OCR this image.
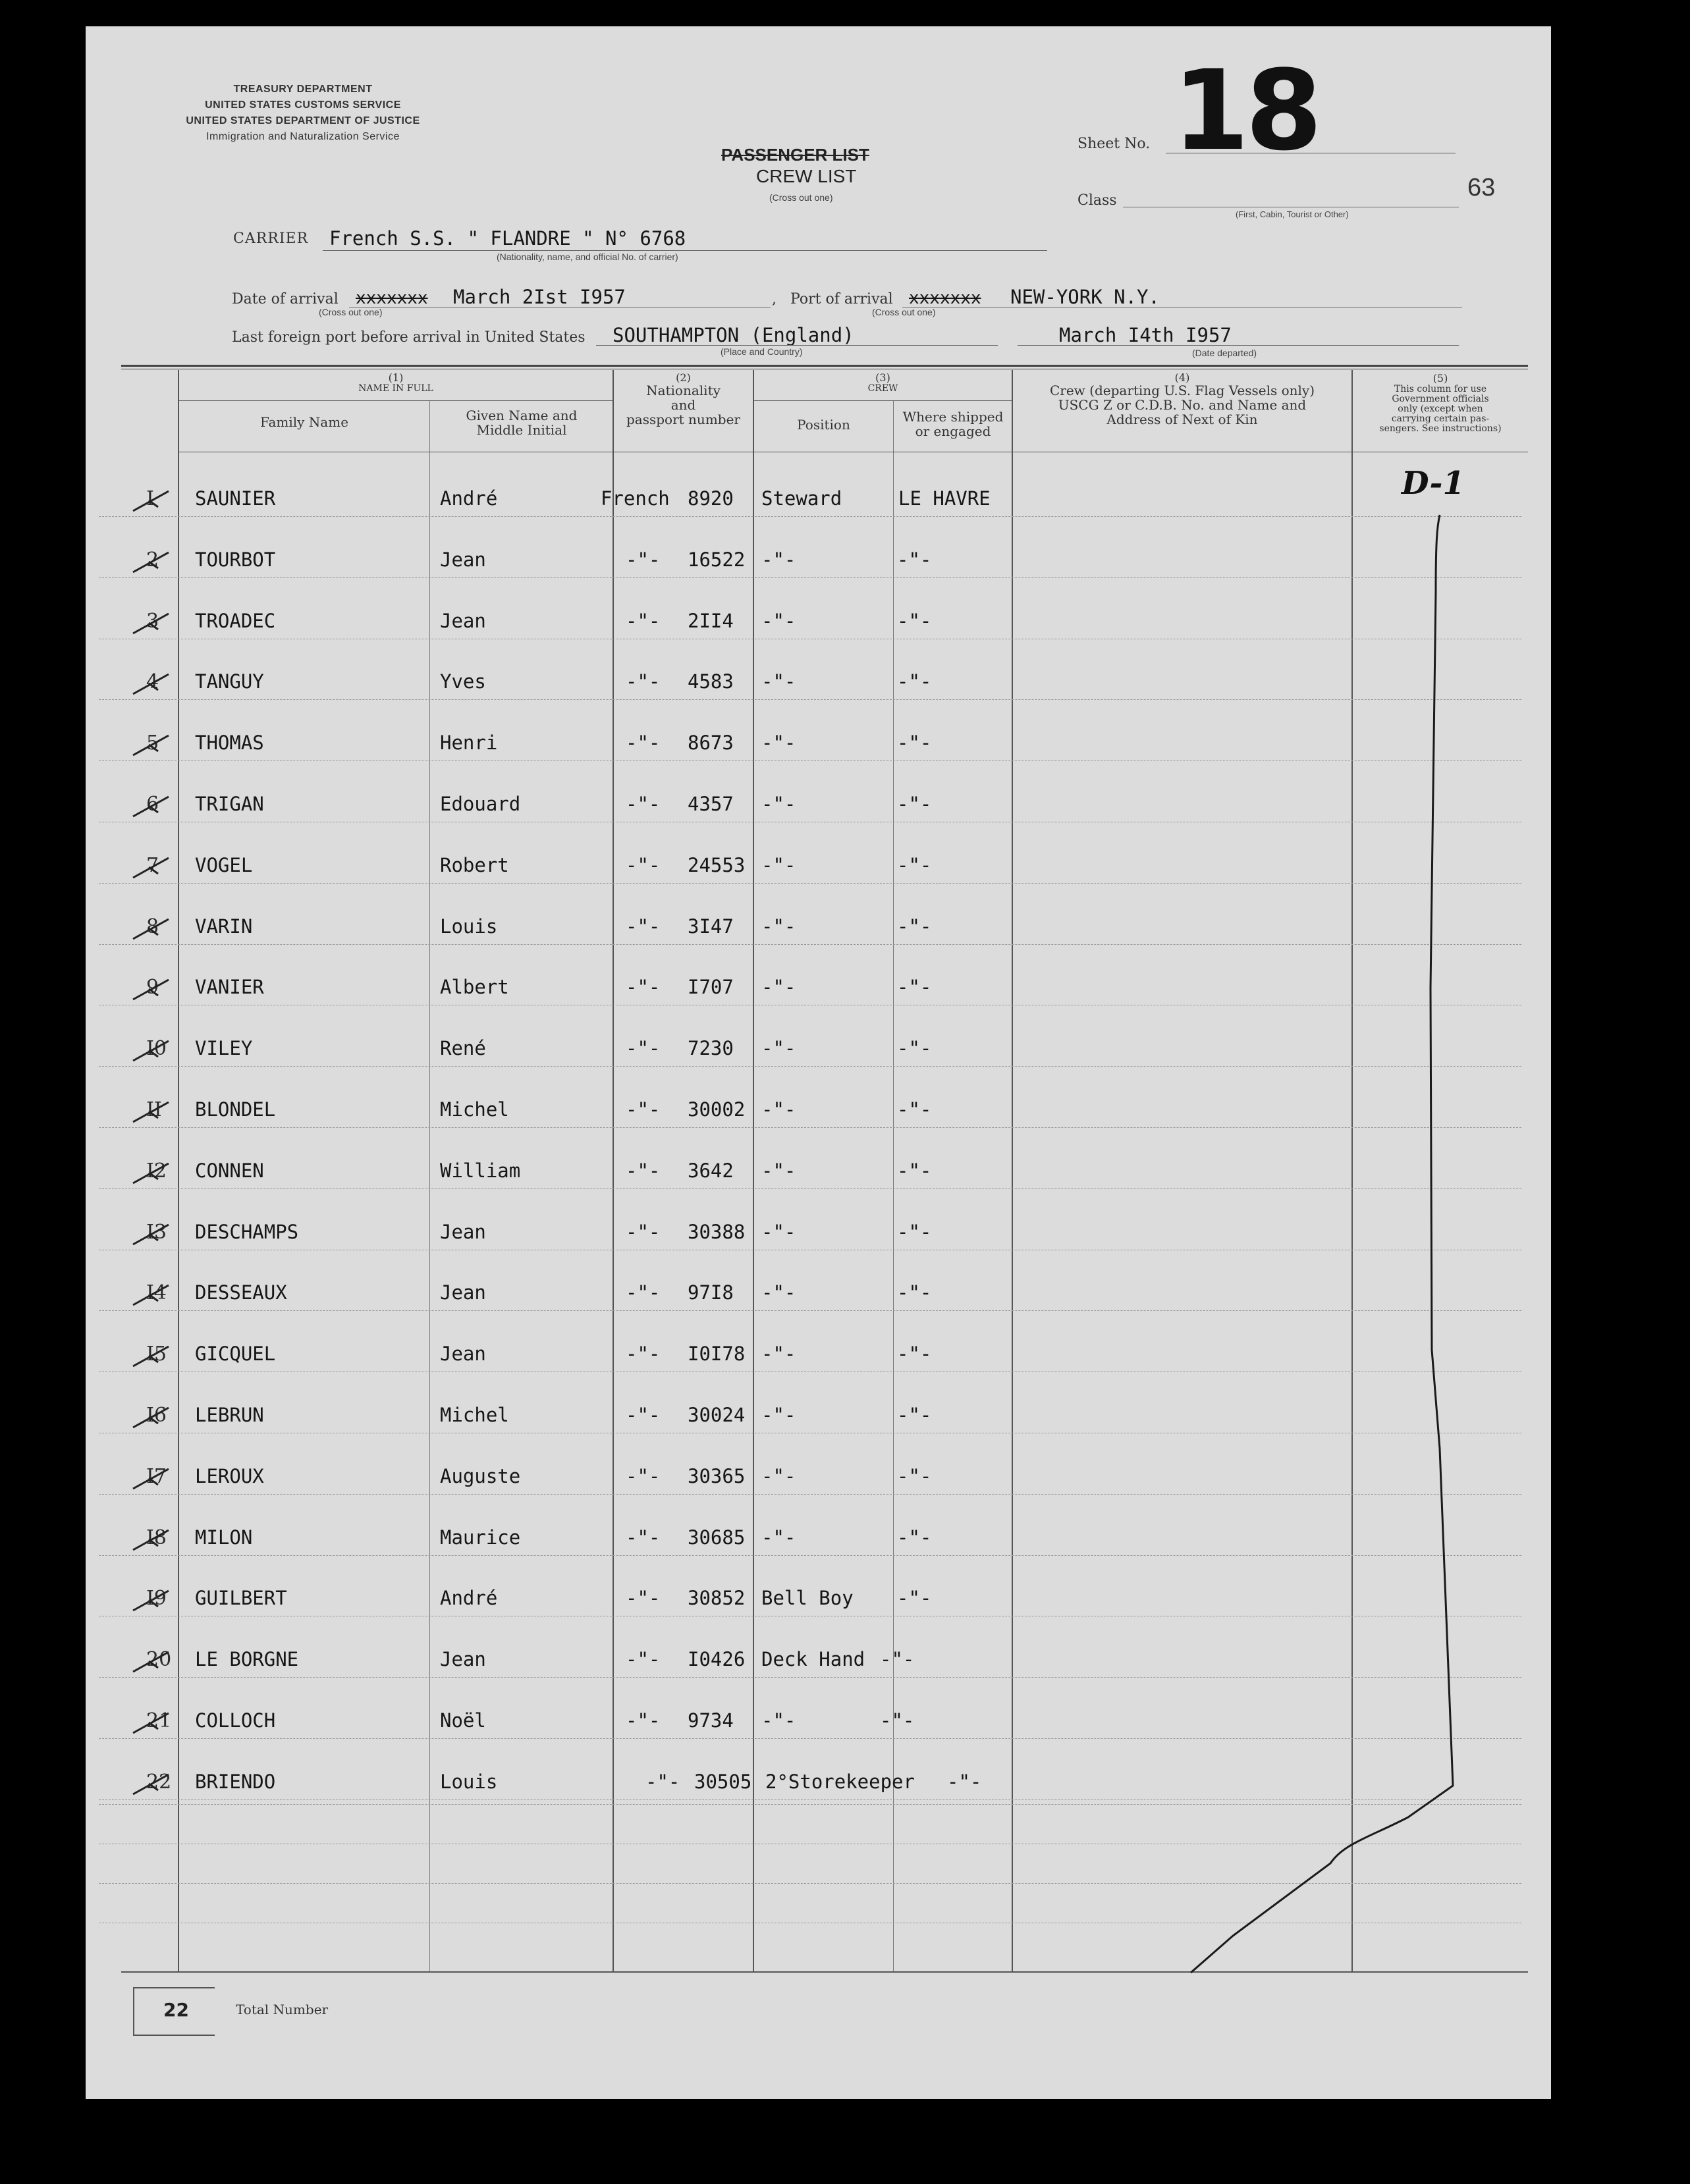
TREASURY DEPARTMENT
UNITED STATES CUSTOMS SERVICE
UNITED STATES DEPARTMENT OF JUSTICE
Immigration and Naturalization Service
PASSENGER LIST
CREW LIST
(Cross out one)
Sheet No. 18
Class
(First, Cabin, Tourist or Other)
63
CARRIER French S.S. " FLANDRE " N° 6768
(Nationality, name, and official No. of carrier)
Date of arrival xxxxxxx March 2Ist I957
(Cross out one)
, Port of arrival xxxxxxx NEW-YORK N.Y.
(Cross out one)
Last foreign port before arrival in United States SOUTHAMPTON (England)
(Place and Country)
March I4th I957
(Date departed)
(1)
NAME IN FULL
Family Name	Given Name and
Middle Initial
(2)
Nationality
and
passport number
(3)
CREW
Position	Where shipped
or engaged
(4)
Crew (departing U.S. Flag Vessels only)
USCG Z or C.D.B. No. and Name and
Address of Next of Kin
(5)
This column for use
Government officials
only (except when
carrying certain pas-
sengers. See instructions)
I SAUNIER	André	French 8920 Steward	LE HAVRE
2 TOURBOT	Jean	-"- 16522 -"-	-"-
3 TROADEC	Jean	-"- 2II4 -"-	-"-
4 TANGUY	Yves	-"- 4583 -"-	-"-
5 THOMAS	Henri	-"- 8673 -"-	-"-
6 TRIGAN	Edouard	-"- 4357 -"-	-"-
7 VOGEL	Robert	-"- 24553 -"-	-"-
8 VARIN	Louis	-"- 3I47 -"-	-"-
9 VANIER	Albert	-"- I707 -"-	-"-
I0 VILEY	René	-"- 7230 -"-	-"-
II BLONDEL	Michel	-"- 30002 -"-	-"-
I2 CONNEN	William	-"- 3642 -"-	-"-
I3 DESCHAMPS	Jean	-"- 30388 -"-	-"-
I4 DESSEAUX	Jean	-"- 97I8 -"-	-"-
I5 GICQUEL	Jean	-"- I0I78 -"-	-"-
I6 LEBRUN	Michel	-"- 30024 -"-	-"-
I7 LEROUX	Auguste	-"- 30365 -"-	-"-
I8 MILON	Maurice	-"- 30685 -"-	-"-
I9 GUILBERT	André	-"- 30852 Bell Boy -"-
20 LE BORGNE	Jean	-"- I0426 Deck Hand -"-
21 COLLOCH	Noël	-"- 9734 -"-	-"-
22 BRIENDO	Louis	-"- 30505 2°Storekeeper -"-
D-1
22	Total Number
